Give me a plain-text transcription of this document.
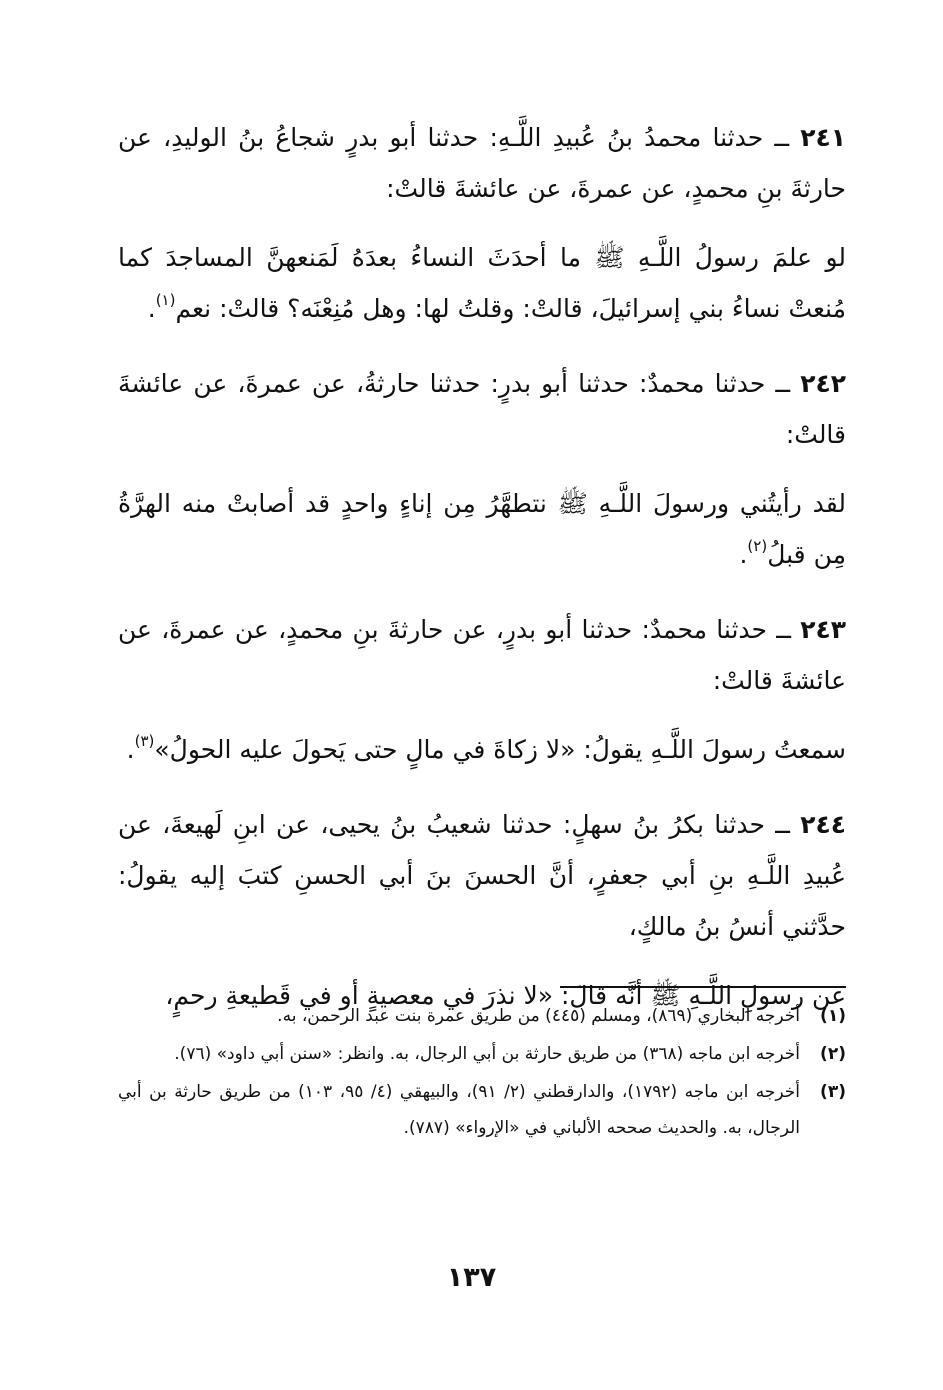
٢٤١ ــ حدثنا محمدُ بنُ عُبيدِ اللَّـهِ: حدثنا أبو بدرٍ شجاعُ بنُ الوليدِ، عن حارثةَ بنِ محمدٍ، عن عمرةَ، عن عائشةَ قالتْ:

لو علمَ رسولُ اللَّـهِ ﷺ ما أحدَثَ النساءُ بعدَهُ لَمَنعهنَّ المساجدَ كما مُنعتْ نساءُ بني إسرائيلَ، قالتْ: وقلتُ لها: وهل مُنِعْنَه؟ قالتْ: نعم$^{(١)}$.

٢٤٢ ــ حدثنا محمدٌ: حدثنا أبو بدرٍ: حدثنا حارثةُ، عن عمرةَ، عن عائشةَ قالتْ:

لقد رأيتُني ورسولَ اللَّـهِ ﷺ نتطهَّرُ مِن إناءٍ واحدٍ قد أصابتْ منه الهرَّةُ مِن قبلُ$^{(٢)}$.

٢٤٣ ــ حدثنا محمدٌ: حدثنا أبو بدرٍ، عن حارثةَ بنِ محمدٍ، عن عمرةَ، عن عائشةَ قالتْ:

سمعتُ رسولَ اللَّـهِ يقولُ: «لا زكاةَ في مالٍ حتى يَحولَ عليه الحولُ»$^{(٣)}$.

٢٤٤ ــ حدثنا بكرُ بنُ سهلٍ: حدثنا شعيبُ بنُ يحيى، عن ابنِ لَهيعةَ، عن عُبيدِ اللَّـهِ بنِ أبي جعفرٍ، أنَّ الحسنَ بنَ أبي الحسنِ كتبَ إليه يقولُ: حدَّثني أنسُ بنُ مالكٍ،

عن رسولِ اللَّـهِ ﷺ أنَّه قالَ: «لا نذرَ في معصيةٍ أو في قَطيعةِ رحمٍ،

(١)
أخرجه البخاري (٨٦٩)، ومسلم (٤٤٥) من طريق عمرة بنت عبد الرحمن، به.
(٢)
أخرجه ابن ماجه (٣٦٨) من طريق حارثة بن أبي الرجال، به. وانظر: «سنن أبي داود» (٧٦).
(٣)
أخرجه ابن ماجه (١٧٩٢)، والدارقطني (٢/ ٩١)، والبيهقي (٤/ ٩٥، ١٠٣) من طريق حارثة بن أبي الرجال، به. والحديث صححه الألباني في «الإرواء» (٧٨٧).
١٣٧
